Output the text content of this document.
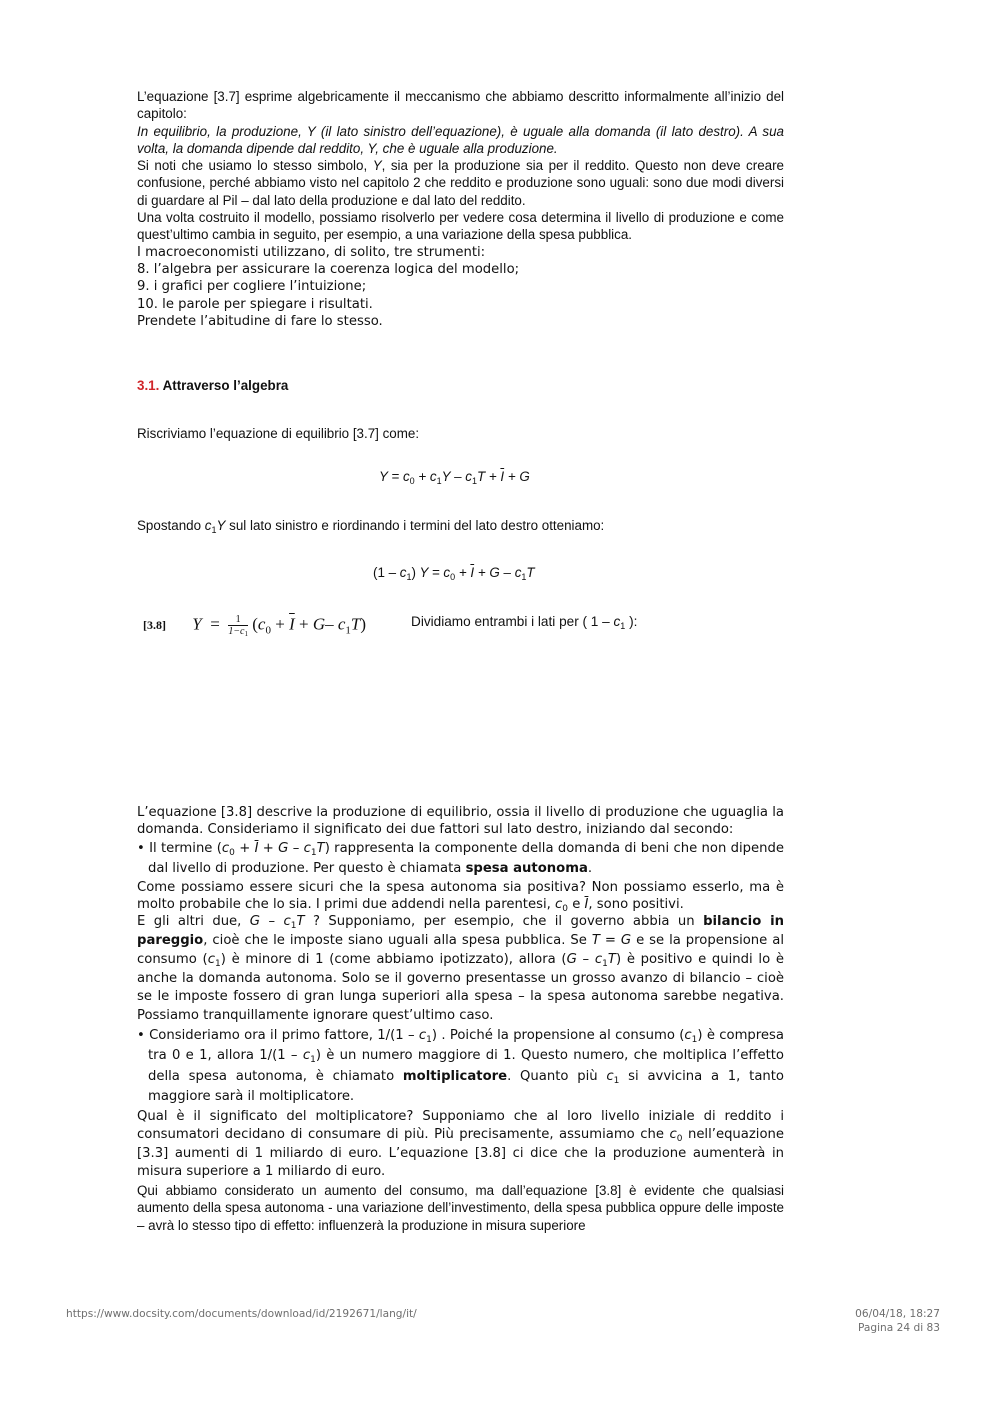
L’equazione [3.7] esprime algebricamente il meccanismo che abbiamo descritto informalmente all’inizio del capitolo:

In equilibrio, la produzione, Y (il lato sinistro dell’equazione), è uguale alla domanda (il lato destro). A sua volta, la domanda dipende dal reddito, Y, che è uguale alla produzione.

Si noti che usiamo lo stesso simbolo, Y, sia per la produzione sia per il reddito. Questo non deve creare confusione, perché abbiamo visto nel capitolo 2 che reddito e produzione sono uguali: sono due modi diversi di guardare al Pil – dal lato della produzione e dal lato del reddito.

Una volta costruito il modello, possiamo risolverlo per vedere cosa determina il livello di produzione e come quest’ultimo cambia in seguito, per esempio, a una variazione della spesa pubblica.

I macroeconomisti utilizzano, di solito, tre strumenti:

8. l’algebra per assicurare la coerenza logica del modello;

9. i grafici per cogliere l’intuizione;

10. le parole per spiegare i risultati.

Prendete l’abitudine di fare lo stesso.

3.1. Attraverso l’algebra

Riscriviamo l’equazione di equilibrio [3.7] come:

$Y = c_0 + c_1Y - c_1T + \overline{I} + G$

Spostando $c_1Y$ sul lato sinistro e riordinando i termini del lato destro otteniamo:

$(1 - c_1)$ $Y = c_0 + \overline{I} + G - c_1T$
[3.8] $Y = \frac{1}{1-c_1} (c_0 + \overline{I} + G-$ $c_1T$)	Dividiamo entrambi i lati per ( $1 - c_1$ ):

L’equazione [3.8] descrive la produzione di equilibrio, ossia il livello di produzione che uguaglia la domanda. Consideriamo il significato dei due fattori sul lato destro, iniziando dal secondo:

• Il termine $(c_0 + \overline{I} + G - c_1T)$ rappresenta la componente della domanda di beni che non dipende dal livello di produzione. Per questo è chiamata spesa autonoma.

Come possiamo essere sicuri che la spesa autonoma sia positiva? Non possiamo esserlo, ma è molto probabile che lo sia. I primi due addendi nella parentesi, $c_0$ e $\overline{I}$, sono positivi.

E gli altri due, G – $c_1T$ ? Supponiamo, per esempio, che il governo abbia un bilancio in pareggio, cioè che le imposte siano uguali alla spesa pubblica. Se T = G e se la propensione al consumo $(c_1)$ è minore di 1 (come abbiamo ipotizzato), allora $(G - c_1T)$ è positivo e quindi lo è anche la domanda autonoma. Solo se il governo presentasse un grosso avanzo di bilancio – cioè se le imposte fossero di gran lunga superiori alla spesa – la spesa autonoma sarebbe negativa. Possiamo tranquillamente ignorare quest’ultimo caso.

• Consideriamo ora il primo fattore, $1/(1 - c_1)$ . Poiché la propensione al consumo $(c_1)$ è compresa tra 0 e 1, allora $1/(1 - c_1)$ è un numero maggiore di 1. Questo numero, che moltiplica l’effetto della spesa autonoma, è chiamato moltiplicatore. Quanto più $c_1$ si avvicina a 1, tanto maggiore sarà il moltiplicatore.

Qual è il significato del moltiplicatore? Supponiamo che al loro livello iniziale di reddito i consumatori decidano di consumare di più. Più precisamente, assumiamo che $c_0$ nell’equazione [3.3] aumenti di 1 miliardo di euro. L’equazione [3.8] ci dice che la produzione aumenterà in misura superiore a 1 miliardo di euro.

Qui abbiamo considerato un aumento del consumo, ma dall’equazione [3.8] è evidente che qualsiasi aumento della spesa autonoma - una variazione dell’investimento, della spesa pubblica oppure delle imposte – avrà lo stesso tipo di effetto: influenzerà la produzione in misura superiore

https://www.docsity.com/documents/download/id/2192671/lang/it/	06/04/18, 18:27
Pagina 24 di 83
